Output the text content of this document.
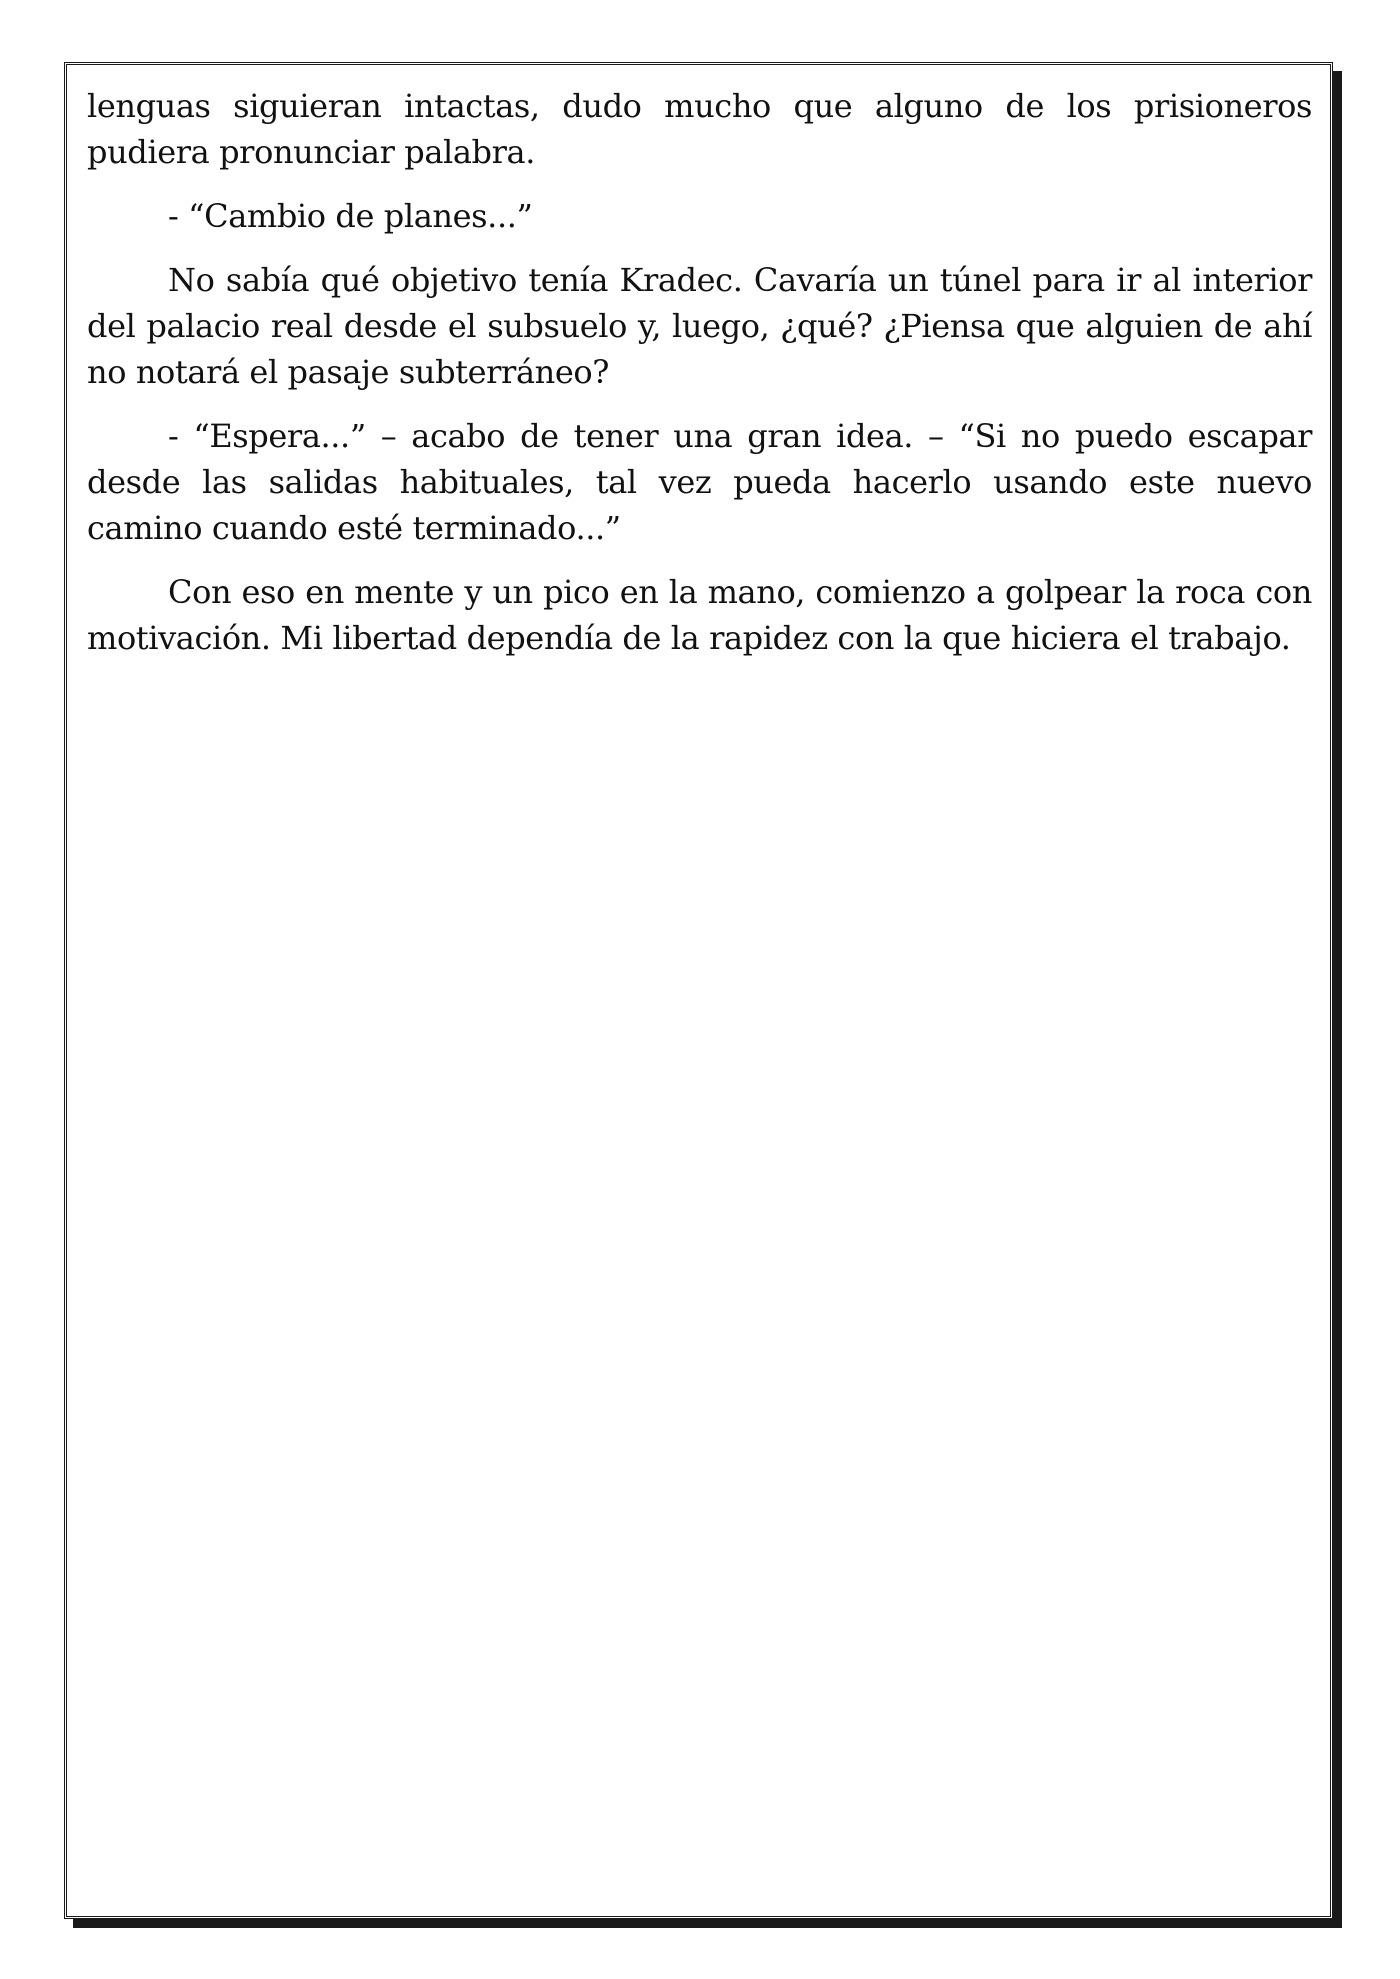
lenguas siguieran intactas, dudo mucho que alguno de los prisioneros pudiera pronunciar palabra.

- “Cambio de planes...”

No sabía qué objetivo tenía Kradec. Cavaría un túnel para ir al interior del palacio real desde el subsuelo y, luego, ¿qué? ¿Piensa que alguien de ahí no notará el pasaje subterráneo?

- “Espera...” – acabo de tener una gran idea. – “Si no puedo escapar desde las salidas habituales, tal vez pueda hacerlo usando este nuevo camino cuando esté terminado...”

Con eso en mente y un pico en la mano, comienzo a golpear la roca con motivación. Mi libertad dependía de la rapidez con la que hiciera el trabajo.
